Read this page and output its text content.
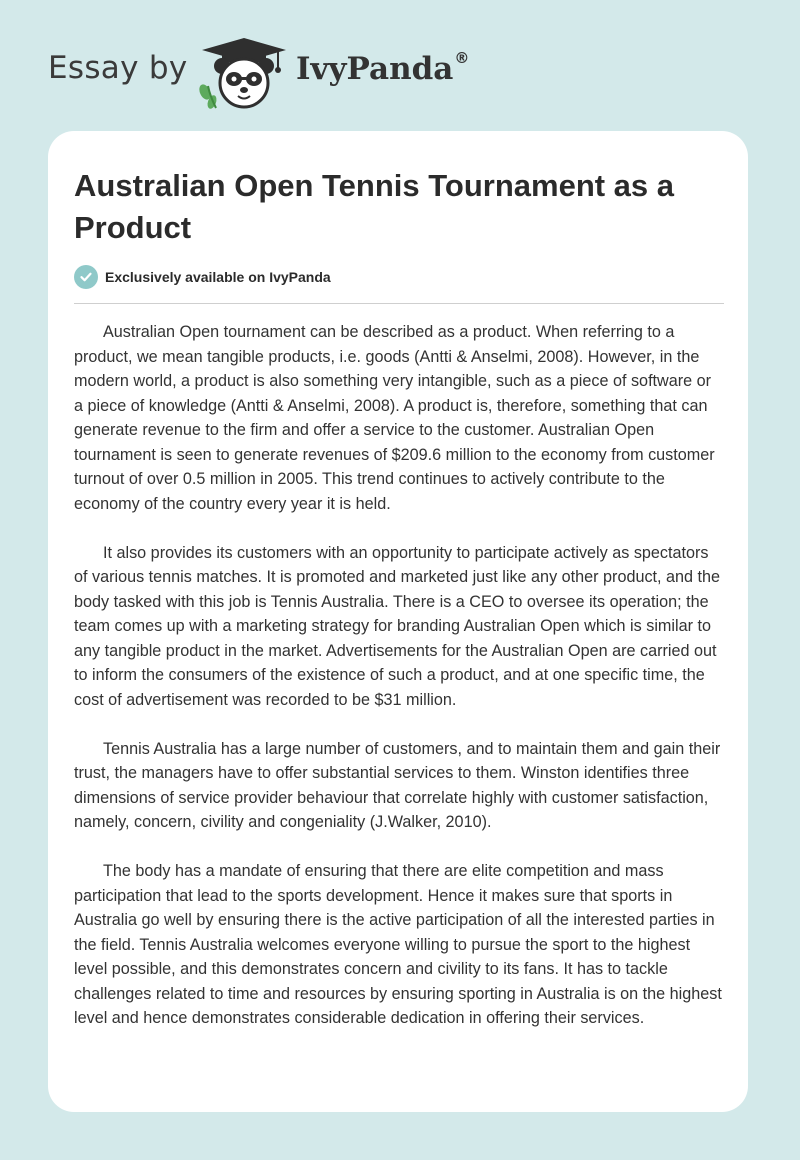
Essay by	IvyPanda®
Australian Open Tennis Tournament as a Product
Exclusively available on IvyPanda

Australian Open tournament can be described as a product. When referring to a product, we mean tangible products, i.e. goods (Antti & Anselmi, 2008). However, in the modern world, a product is also something very intangible, such as a piece of software or a piece of knowledge (Antti & Anselmi, 2008). A product is, therefore, something that can generate revenue to the firm and offer a service to the customer. Australian Open tournament is seen to generate revenues of $209.6 million to the economy from customer turnout of over 0.5 million in 2005. This trend continues to actively contribute to the economy of the country every year it is held.

It also provides its customers with an opportunity to participate actively as spectators of various tennis matches. It is promoted and marketed just like any other product, and the body tasked with this job is Tennis Australia. There is a CEO to oversee its operation; the team comes up with a marketing strategy for branding Australian Open which is similar to any tangible product in the market. Advertisements for the Australian Open are carried out to inform the consumers of the existence of such a product, and at one specific time, the cost of advertisement was recorded to be $31 million.

Tennis Australia has a large number of customers, and to maintain them and gain their trust, the managers have to offer substantial services to them. Winston identifies three dimensions of service provider behaviour that correlate highly with customer satisfaction, namely, concern, civility and congeniality (J.Walker, 2010).

The body has a mandate of ensuring that there are elite competition and mass participation that lead to the sports development. Hence it makes sure that sports in Australia go well by ensuring there is the active participation of all the interested parties in the field. Tennis Australia welcomes everyone willing to pursue the sport to the highest level possible, and this demonstrates concern and civility to its fans. It has to tackle challenges related to time and resources by ensuring sporting in Australia is on the highest level and hence demonstrates considerable dedication in offering their services.
